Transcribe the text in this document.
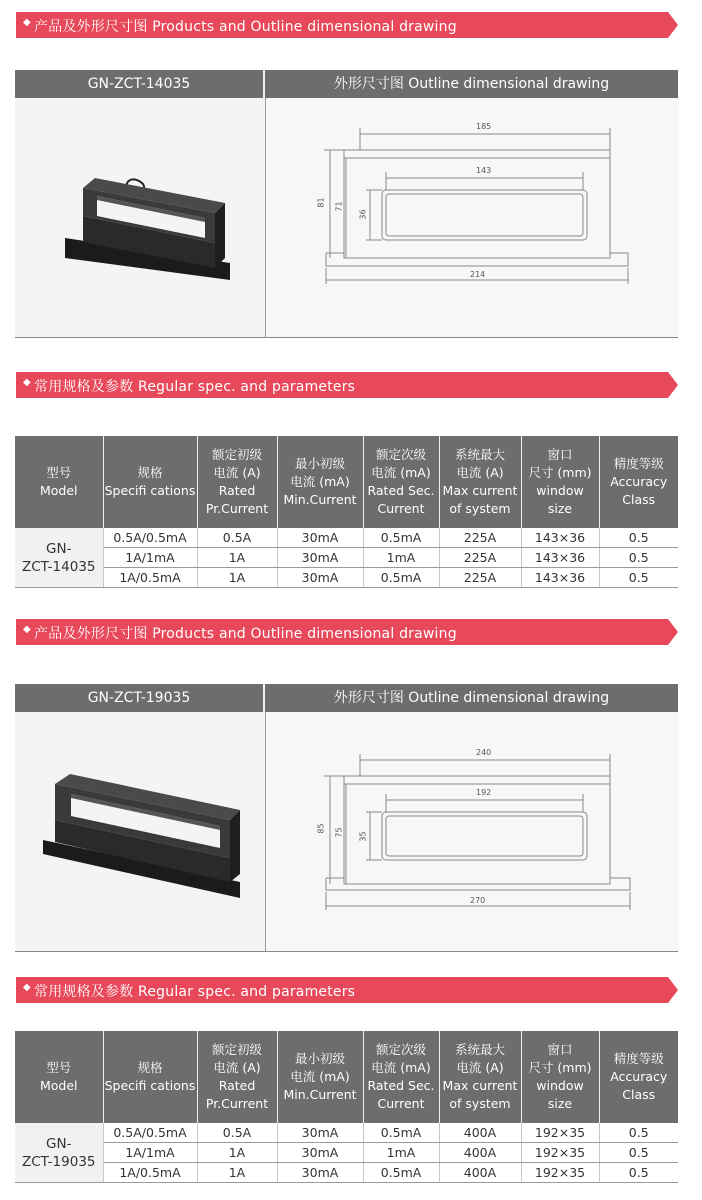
◆ 产品及外形尺寸图 Products and Outline dimensional drawing
GN-ZCT-14035	外形尺寸图 Outline dimensional drawing
185
143
214
81 71
36
◆ 常用规格及参数 Regular spec. and parameters
型号
Model	规格
Specifi cations	额定初级
电流 (A)
Rated
Pr.Current	最小初级
电流 (mA)
Min.Current	额定次级
电流 (mA)
Rated Sec.
Current	系统最大
电流 (A)
Max current
of system	窗口
尺寸 (mm)
window
size	精度等级
Accuracy
Class
GN-
ZCT-14035	0.5A/0.5mA	0.5A	30mA	0.5mA	225A	143×36	0.5
	1A/1mA	1A	30mA	1mA	225A	143×36	0.5
	1A/0.5mA	1A	30mA	0.5mA	225A	143×36	0.5
◆ 产品及外形尺寸图 Products and Outline dimensional drawing
GN-ZCT-19035	外形尺寸图 Outline dimensional drawing
240
192
270
85 75 35
◆ 常用规格及参数 Regular spec. and parameters
型号
Model	规格
Specifi cations	额定初级
电流 (A)
Rated
Pr.Current	最小初级
电流 (mA)
Min.Current	额定次级
电流 (mA)
Rated Sec.
Current	系统最大
电流 (A)
Max current
of system	窗口
尺寸 (mm)
window
size	精度等级
Accuracy
Class
GN-
ZCT-19035	0.5A/0.5mA	0.5A	30mA	0.5mA	400A	192×35	0.5
	1A/1mA	1A	30mA	1mA	400A	192×35	0.5
	1A/0.5mA	1A	30mA	0.5mA	400A	192×35	0.5
